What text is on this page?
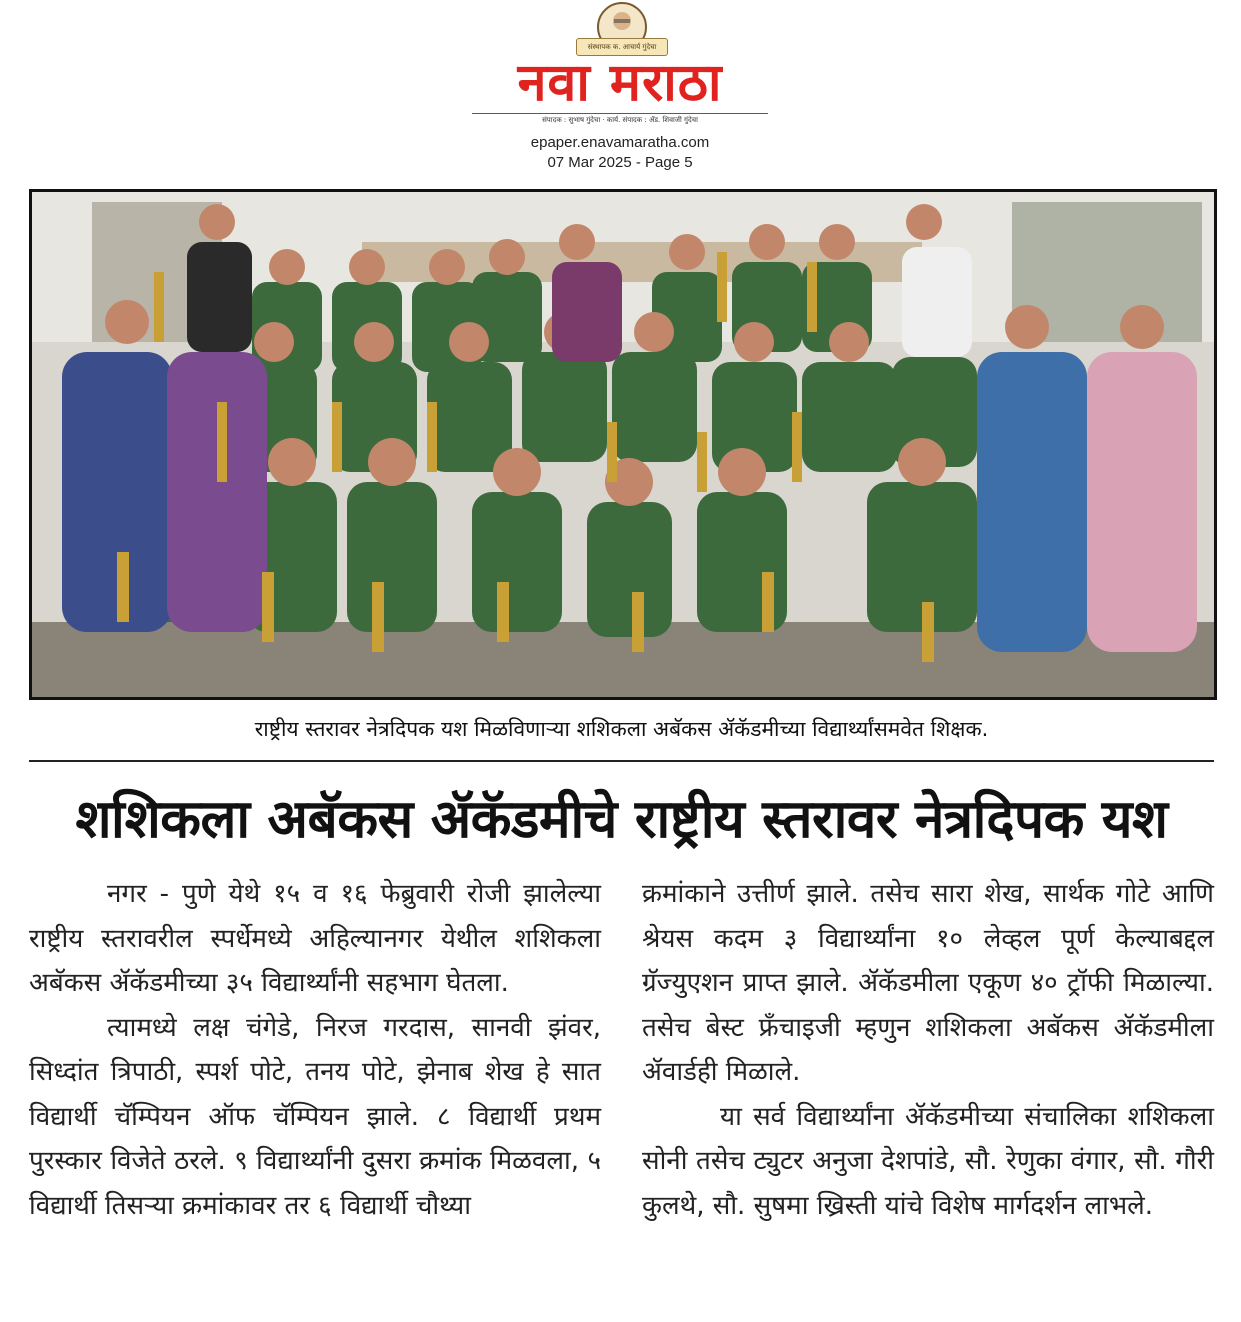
संस्थापक क. आचार्य गुंदेचा
नवा मराठा
संपादक : सुभाष गुंदेचा · कार्य. संपादक : ॲड. शिवाजी गुंदेचा
epaper.enavamaratha.com
07 Mar 2025 - Page 5
राष्ट्रीय स्तरावर नेत्रदिपक यश मिळविणाऱ्या शशिकला अबॅकस ॲकॅडमीच्या विद्यार्थ्यांसमवेत शिक्षक.
शशिकला अबॅकस ॲकॅडमीचे राष्ट्रीय स्तरावर नेत्रदिपक यश

नगर - पुणे येथे १५ व १६ फेब्रुवारी रोजी झालेल्या राष्ट्रीय स्तरावरील स्पर्धेमध्ये अहिल्यानगर येथील शशिकला अबॅकस ॲकॅडमीच्या ३५ विद्यार्थ्यांनी सहभाग घेतला.

त्यामध्ये लक्ष चंगेडे, निरज गरदास, सानवी झंवर, सिध्दांत त्रिपाठी, स्पर्श पोटे, तनय पोटे, झेनाब शेख हे सात विद्यार्थी चॅम्पियन ऑफ चॅम्पियन झाले. ८ विद्यार्थी प्रथम पुरस्कार विजेते ठरले. ९ विद्यार्थ्यांनी दुसरा क्रमांक मिळवला, ५ विद्यार्थी तिसऱ्या क्रमांकावर तर ६ विद्यार्थी चौथ्या

क्रमांकाने उत्तीर्ण झाले. तसेच सारा शेख, सार्थक गोटे आणि श्रेयस कदम ३ विद्यार्थ्यांना १० लेव्हल पूर्ण केल्याबद्दल ग्रॅज्युएशन प्राप्त झाले. ॲकॅडमीला एकूण ४० ट्रॉफी मिळाल्या. तसेच बेस्ट फ्रँचाइजी म्हणुन शशिकला अबॅकस ॲकॅडमीला ॲवार्डही मिळाले.

या सर्व विद्यार्थ्यांना ॲकॅडमीच्या संचालिका शशिकला सोनी तसेच ट्युटर अनुजा देशपांडे, सौ. रेणुका वंगार, सौ. गौरी कुलथे, सौ. सुषमा ख्रिस्ती यांचे विशेष मार्गदर्शन लाभले.
